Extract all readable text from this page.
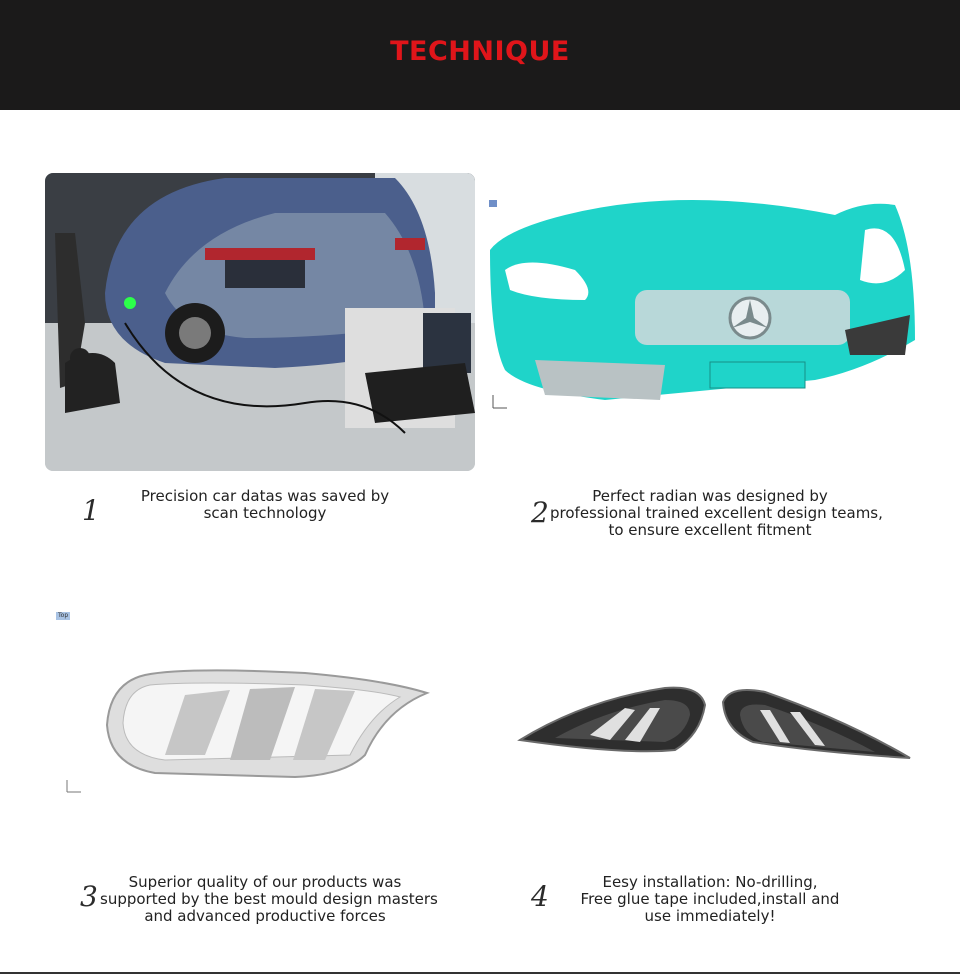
TECHNIQUE
Top
1	Precision car datas was saved by
scan technology	2	Perfect radian was designed by
professional trained excellent design teams,
to ensure excellent fitment
3	Superior quality of our products was
supported by the best mould design masters
and advanced productive forces
4	Eesy installation: No-drilling,
Free glue tape included,install and
use immediately!
